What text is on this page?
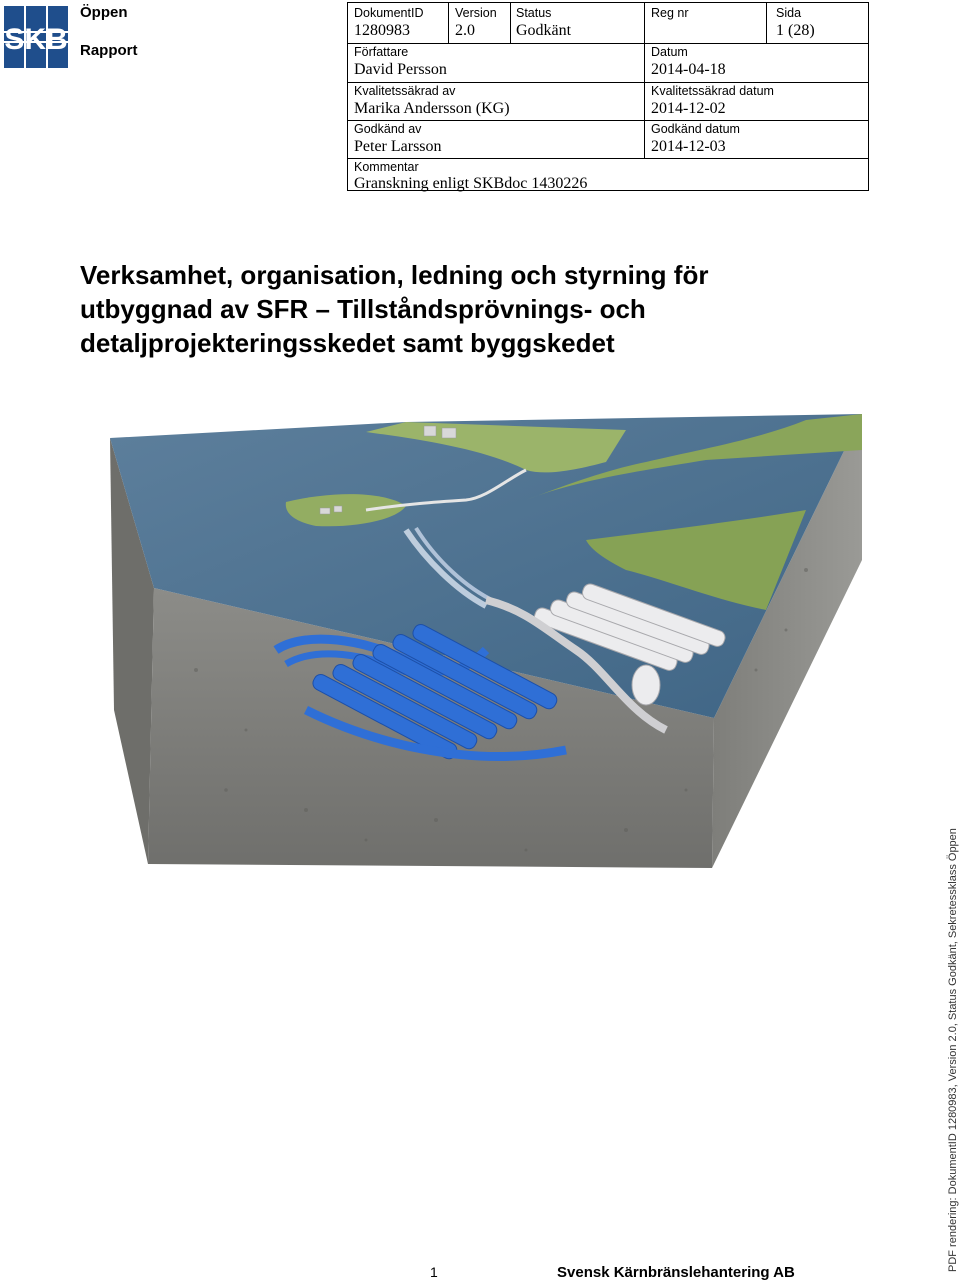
SKB
Öppen
Rapport
DokumentID
1280983
Version
2.0
Status
Godkänt
Reg nr	Sida
1 (28)
Författare
David Persson
Datum
2014-04-18
Kvalitetssäkrad av
Marika Andersson (KG)
Kvalitetssäkrad datum
2014-12-02
Godkänd av
Peter Larsson
Godkänd datum
2014-12-03
Kommentar
Granskning enligt SKBdoc 1430226
Verksamhet, organisation, ledning och styrning för
utbyggnad av SFR – Tillståndsprövnings- och
detaljprojekteringsskedet samt byggskedet
1	Svensk Kärnbränslehantering AB
PDF rendering: DokumentID 1280983, Version 2.0, Status Godkänt, Sekretessklass Öppen
